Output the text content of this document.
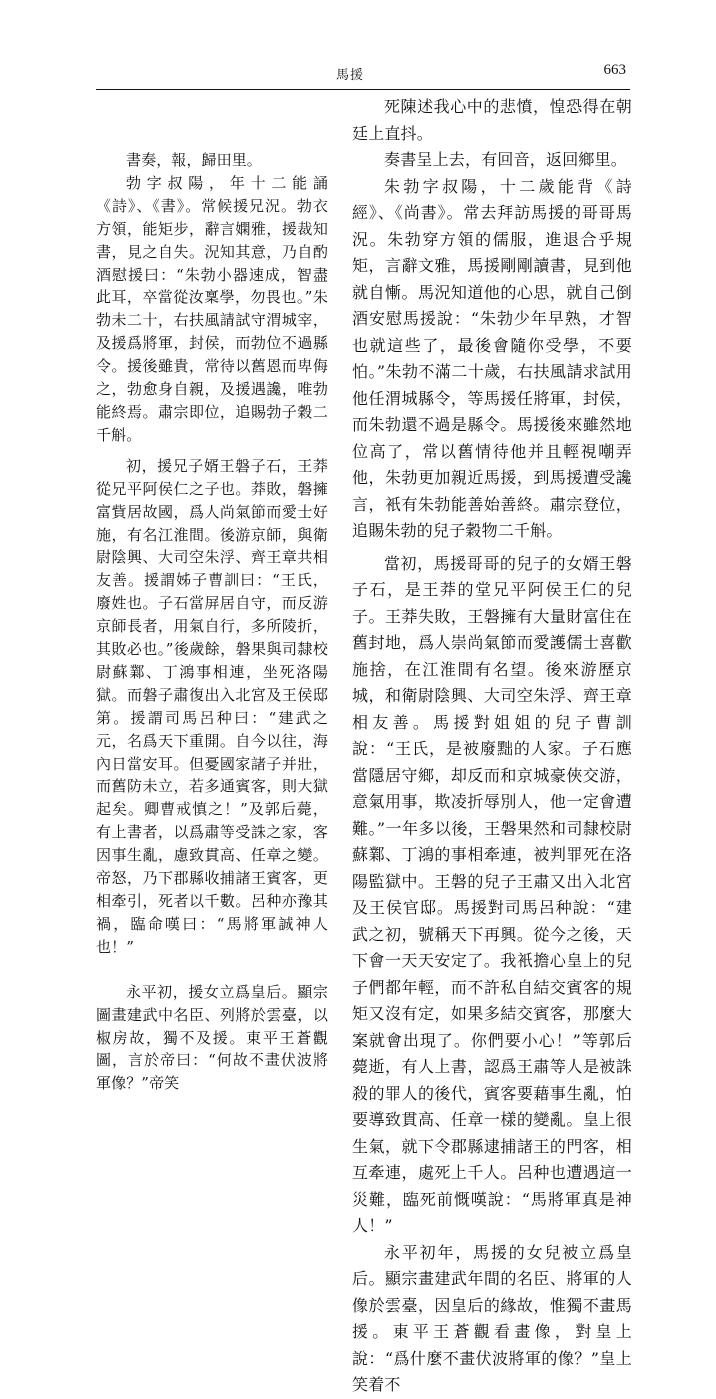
馬援	663

書奏，報，歸田里。

勃字叔陽，年十二能誦《詩》、《書》。常候援兄況。勃衣方領，能矩步，辭言嫻雅，援裁知書，見之自失。況知其意，乃自酌酒慰援曰：“朱勃小器速成，智盡此耳，卒當從汝稟學，勿畏也。”朱勃未二十，右扶風請試守渭城宰，及援爲將軍，封侯，而勃位不過縣令。援後雖貴，常待以舊恩而卑侮之，勃愈身自親，及援遇讒，唯勃能終焉。肅宗即位，追賜勃子穀二千斛。

初，援兄子婿王磐子石，王莽從兄平阿侯仁之子也。莽敗，磐擁富貲居故國，爲人尚氣節而愛士好施，有名江淮間。後游京師，與衛尉陰興、大司空朱浮、齊王章共相友善。援謂姊子曹訓曰：“王氏，廢姓也。子石當屏居自守，而反游京師長者，用氣自行，多所陵折，其敗必也。”後歲餘，磐果與司隸校尉蘇鄴、丁鴻事相連，坐死洛陽獄。而磐子肅復出入北宮及王侯邸第。援謂司馬呂种曰：“建武之元，名爲天下重開。自今以往，海內日當安耳。但憂國家諸子并壯，而舊防未立，若多通賓客，則大獄起矣。卿曹戒慎之！”及郭后薨，有上書者，以爲肅等受誅之家，客因事生亂，慮致貫高、任章之變。帝怒，乃下郡縣收捕諸王賓客，更相牽引，死者以千數。呂种亦豫其禍，臨命嘆曰：“馬將軍誠神人也！”

永平初，援女立爲皇后。顯宗圖畫建武中名臣、列將於雲臺，以椒房故，獨不及援。東平王蒼觀圖，言於帝曰：“何故不畫伏波將軍像？”帝笑

死陳述我心中的悲憤，惶恐得在朝廷上直抖。

奏書呈上去，有回音，返回鄉里。

朱勃字叔陽，十二歲能背《詩經》、《尚書》。常去拜訪馬援的哥哥馬況。朱勃穿方領的儒服，進退合乎規矩，言辭文雅，馬援剛剛讀書，見到他就自慚。馬況知道他的心思，就自己倒酒安慰馬援說：“朱勃少年早熟，才智也就這些了，最後會隨你受學，不要怕。”朱勃不滿二十歲，右扶風請求試用他任渭城縣令，等馬援任將軍，封侯，而朱勃還不過是縣令。馬援後來雖然地位高了，常以舊情待他并且輕視嘲弄他，朱勃更加親近馬援，到馬援遭受讒言，衹有朱勃能善始善終。肅宗登位，追賜朱勃的兒子穀物二千斛。

當初，馬援哥哥的兒子的女婿王磐子石，是王莽的堂兄平阿侯王仁的兒子。王莽失敗，王磐擁有大量財富住在舊封地，爲人崇尚氣節而愛護儒士喜歡施捨，在江淮間有名望。後來游歷京城，和衛尉陰興、大司空朱浮、齊王章相友善。馬援對姐姐的兒子曹訓說：“王氏，是被廢黜的人家。子石應當隱居守鄉，却反而和京城豪俠交游，意氣用事，欺凌折辱別人，他一定會遭難。”一年多以後，王磐果然和司隸校尉蘇鄴、丁鴻的事相牽連，被判罪死在洛陽監獄中。王磐的兒子王肅又出入北宮及王侯官邸。馬援對司馬呂种說：“建武之初，號稱天下再興。從今之後，天下會一天天安定了。我衹擔心皇上的兒子們都年輕，而不許私自結交賓客的規矩又沒有定，如果多結交賓客，那麼大案就會出現了。你們要小心！”等郭后薨逝，有人上書，認爲王肅等人是被誅殺的罪人的後代，賓客要藉事生亂，怕要導致貫高、任章一樣的變亂。皇上很生氣，就下令郡縣逮捕諸王的門客，相互牽連，處死上千人。呂种也遭遇這一災難，臨死前慨嘆說：“馬將軍真是神人！”

永平初年，馬援的女兒被立爲皇后。顯宗畫建武年間的名臣、將軍的人像於雲臺，因皇后的緣故，惟獨不畫馬援。東平王蒼觀看畫像，對皇上說：“爲什麼不畫伏波將軍的像？”皇上笑着不
